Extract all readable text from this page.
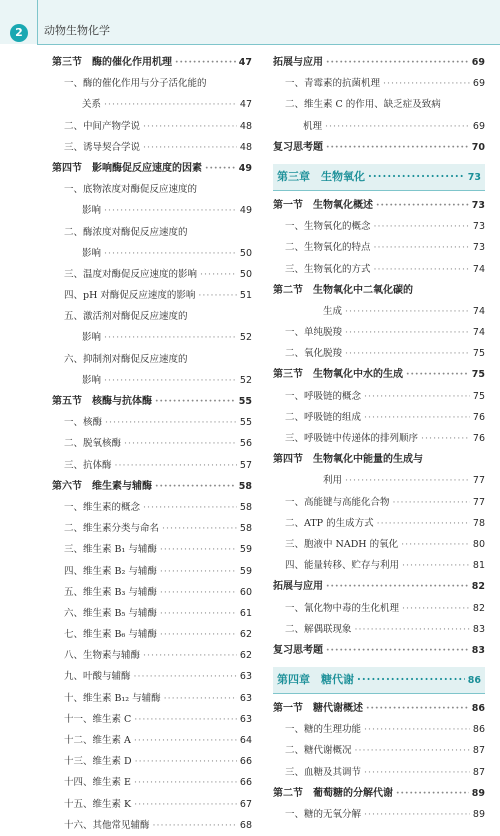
2	动物生物化学
第三节　酶的催化作用机理 ·····	47
一、酶的催化作用与分子活化能的
关系 ·····	47
二、中间产物学说 ·····	48
三、诱导契合学说 ·····	48
第四节　影响酶促反应速度的因素 ·····	49
一、底物浓度对酶促反应速度的
影响 ·····	49
二、酶浓度对酶促反应速度的
影响 ·····	50
三、温度对酶促反应速度的影响 ·····	50
四、pH 对酶促反应速度的影响 ·····	51
五、激活剂对酶促反应速度的
影响 ·····	52
六、抑制剂对酶促反应速度的
影响 ·····	52
第五节　核酶与抗体酶 ·····	55
一、核酶 ·····	55
二、脱氧核酶 ·····	56
三、抗体酶 ·····	57
第六节　维生素与辅酶 ·····	58
一、维生素的概念 ·····	58
二、维生素分类与命名 ·····	58
三、维生素 B₁ 与辅酶 ·····	59
四、维生素 B₂ 与辅酶 ·····	59
五、维生素 B₃ 与辅酶 ·····	60
六、维生素 B₅ 与辅酶 ·····	61
七、维生素 B₆ 与辅酶 ·····	62
八、生物素与辅酶 ·····	62
九、叶酸与辅酶 ·····	63
十、维生素 B₁₂ 与辅酶 ·····	63
十一、维生素 C ·····	63
十二、维生素 A ·····	64
十三、维生素 D ·····	66
十四、维生素 E ·····	66
十五、维生素 K ·····	67
十六、其他常见辅酶 ·····	68
拓展与应用 ·····	69
一、青霉素的抗菌机理 ·····	69
二、维生素 C 的作用、缺乏症及致病
机理 ·····	69
复习思考题 ·····	70
第三章　生物氧化 ·····	73
第一节　生物氧化概述 ·····	73
一、生物氧化的概念 ·····	73
二、生物氧化的特点 ·····	73
三、生物氧化的方式 ·····	74
第二节　生物氧化中二氧化碳的
生成 ·····	74
一、单纯脱羧 ·····	74
二、氧化脱羧 ·····	75
第三节　生物氧化中水的生成 ·····	75
一、呼吸链的概念 ·····	75
二、呼吸链的组成 ·····	76
三、呼吸链中传递体的排列顺序 ·····	76
第四节　生物氧化中能量的生成与
利用 ·····	77
一、高能键与高能化合物 ·····	77
二、ATP 的生成方式 ·····	78
三、胞液中 NADH 的氧化 ·····	80
四、能量转移、贮存与利用 ·····	81
拓展与应用 ·····	82
一、氰化物中毒的生化机理 ·····	82
二、解偶联现象 ·····	83
复习思考题 ·····	83
第四章　糖代谢 ·····	86
第一节　糖代谢概述 ·····	86
一、糖的生理功能 ·····	86
二、糖代谢概况 ·····	87
三、血糖及其调节 ·····	87
第二节　葡萄糖的分解代谢 ·····	89
一、糖的无氧分解 ·····	89
